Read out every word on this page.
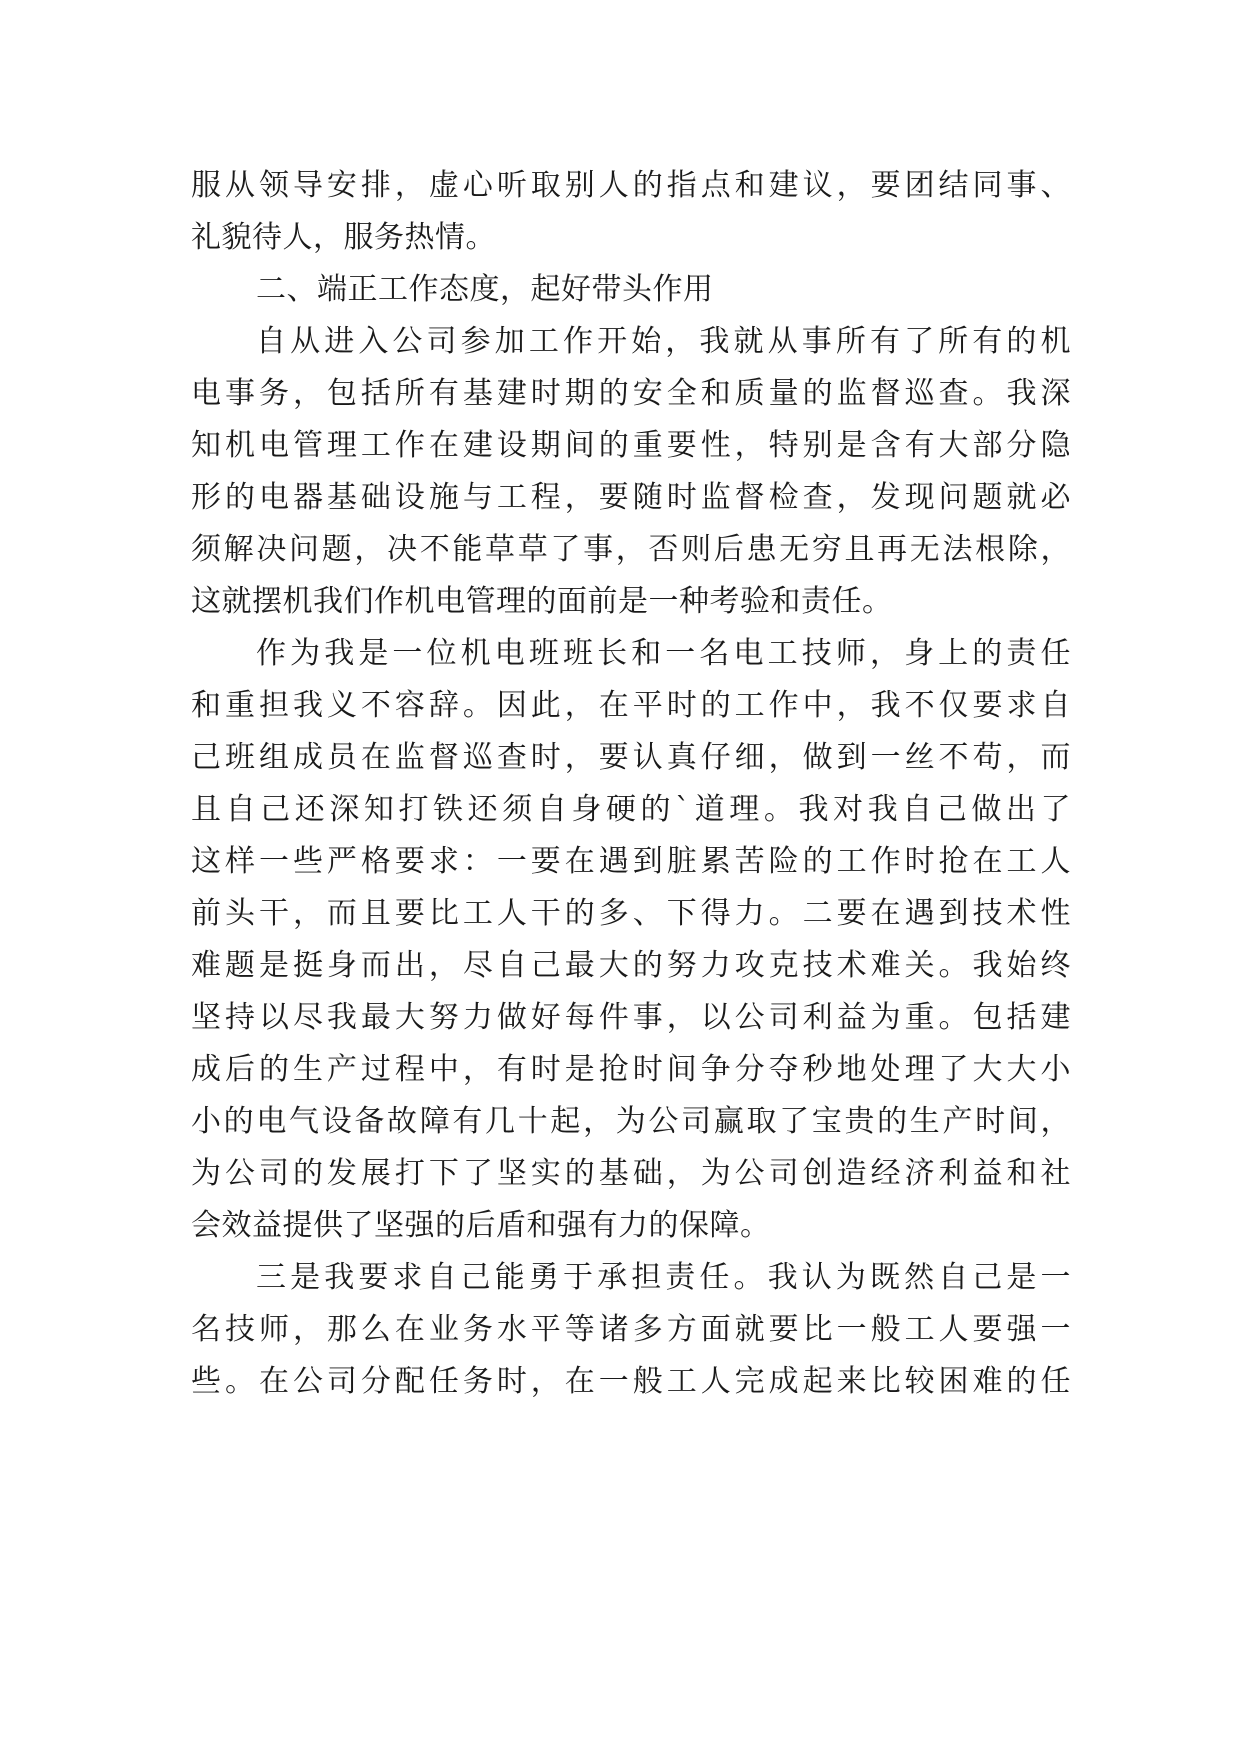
服从领导安排，虚心听取别人的指点和建议，要团结同事、
礼貌待人，服务热情。
二、端正工作态度，起好带头作用
自从进入公司参加工作开始，我就从事所有了所有的机
电事务，包括所有基建时期的安全和质量的监督巡查。我深
知机电管理工作在建设期间的重要性，特别是含有大部分隐
形的电器基础设施与工程，要随时监督检查，发现问题就必
须解决问题，决不能草草了事，否则后患无穷且再无法根除，
这就摆机我们作机电管理的面前是一种考验和责任。
作为我是一位机电班班长和一名电工技师，身上的责任
和重担我义不容辞。因此，在平时的工作中，我不仅要求自
己班组成员在监督巡查时，要认真仔细，做到一丝不苟，而
且自己还深知打铁还须自身硬的`道理。我对我自己做出了
这样一些严格要求：一要在遇到脏累苦险的工作时抢在工人
前头干，而且要比工人干的多、下得力。二要在遇到技术性
难题是挺身而出，尽自己最大的努力攻克技术难关。我始终
坚持以尽我最大努力做好每件事，以公司利益为重。包括建
成后的生产过程中，有时是抢时间争分夺秒地处理了大大小
小的电气设备故障有几十起，为公司赢取了宝贵的生产时间，
为公司的发展打下了坚实的基础，为公司创造经济利益和社
会效益提供了坚强的后盾和强有力的保障。
三是我要求自己能勇于承担责任。我认为既然自己是一
名技师，那么在业务水平等诸多方面就要比一般工人要强一
些。在公司分配任务时，在一般工人完成起来比较困难的任
